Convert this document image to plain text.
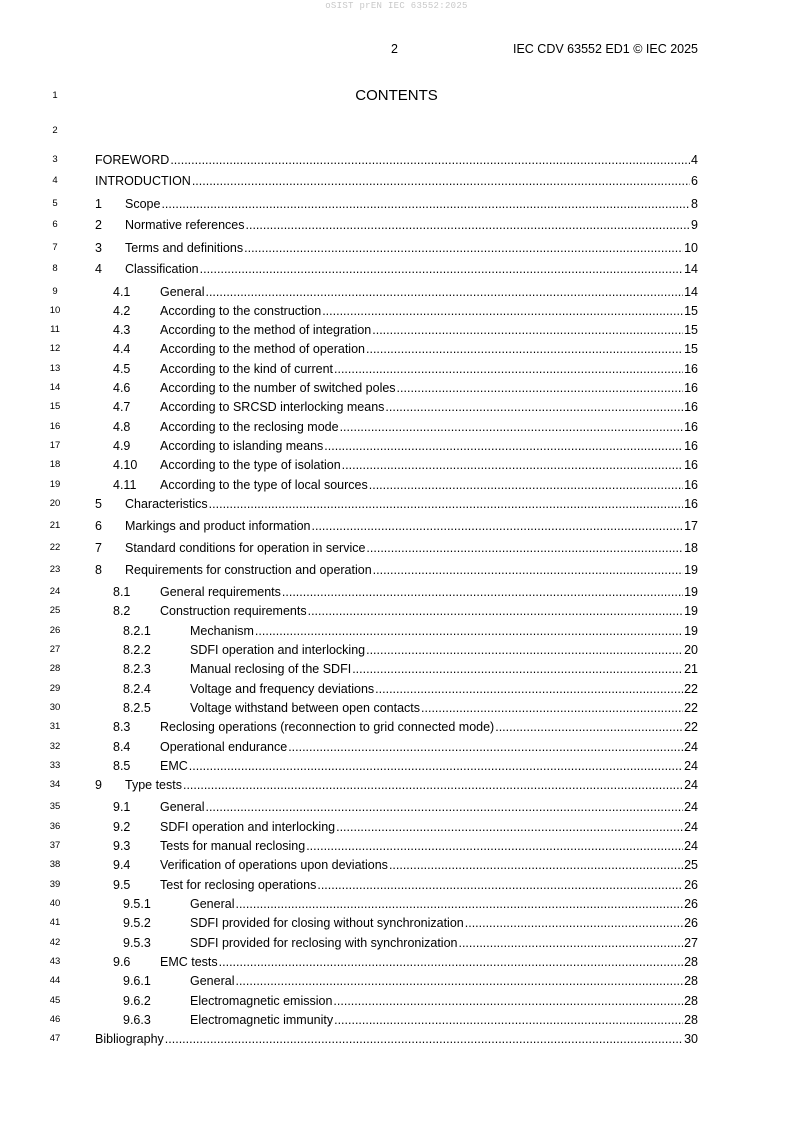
oSIST prEN IEC 63552:2025
2	IEC CDV 63552 ED1 © IEC 2025
1	CONTENTS
2
3	FOREWORD .....	4
4	INTRODUCTION .....	6
5	1	Scope .....	8
6	2	Normative references .....	9
7	3	Terms and definitions .....	10
8	4	Classification .....	14
9	4.1	General .....	14
10	4.2	According to the construction .....	15
11	4.3	According to the method of integration .....	15
12	4.4	According to the method of operation .....	15
13	4.5	According to the kind of current .....	16
14	4.6	According to the number of switched poles .....	16
15	4.7	According to SRCSD interlocking means .....	16
16	4.8	According to the reclosing mode .....	16
17	4.9	According to islanding means .....	16
18	4.10	According to the type of isolation .....	16
19	4.11	According to the type of local sources .....	16
20	5	Characteristics .....	16
21	6	Markings and product information .....	17
22	7	Standard conditions for operation in service .....	18
23	8	Requirements for construction and operation .....	19
24	8.1	General requirements .....	19
25	8.2	Construction requirements .....	19
26	8.2.1	Mechanism .....	19
27	8.2.2	SDFI operation and interlocking .....	20
28	8.2.3	Manual reclosing of the SDFI .....	21
29	8.2.4	Voltage and frequency deviations .....	22
30	8.2.5	Voltage withstand between open contacts .....	22
31	8.3	Reclosing operations (reconnection to grid connected mode) .....	22
32	8.4	Operational endurance .....	24
33	8.5	EMC .....	24
34	9	Type tests .....	24
35	9.1	General .....	24
36	9.2	SDFI operation and interlocking .....	24
37	9.3	Tests for manual reclosing .....	24
38	9.4	Verification of operations upon deviations .....	25
39	9.5	Test for reclosing operations .....	26
40	9.5.1	General .....	26
41	9.5.2	SDFI provided for closing without synchronization .....	26
42	9.5.3	SDFI provided for reclosing with synchronization .....	27
43	9.6	EMC tests .....	28
44	9.6.1	General .....	28
45	9.6.2	Electromagnetic emission .....	28
46	9.6.3	Electromagnetic immunity .....	28
47	Bibliography .....	30
